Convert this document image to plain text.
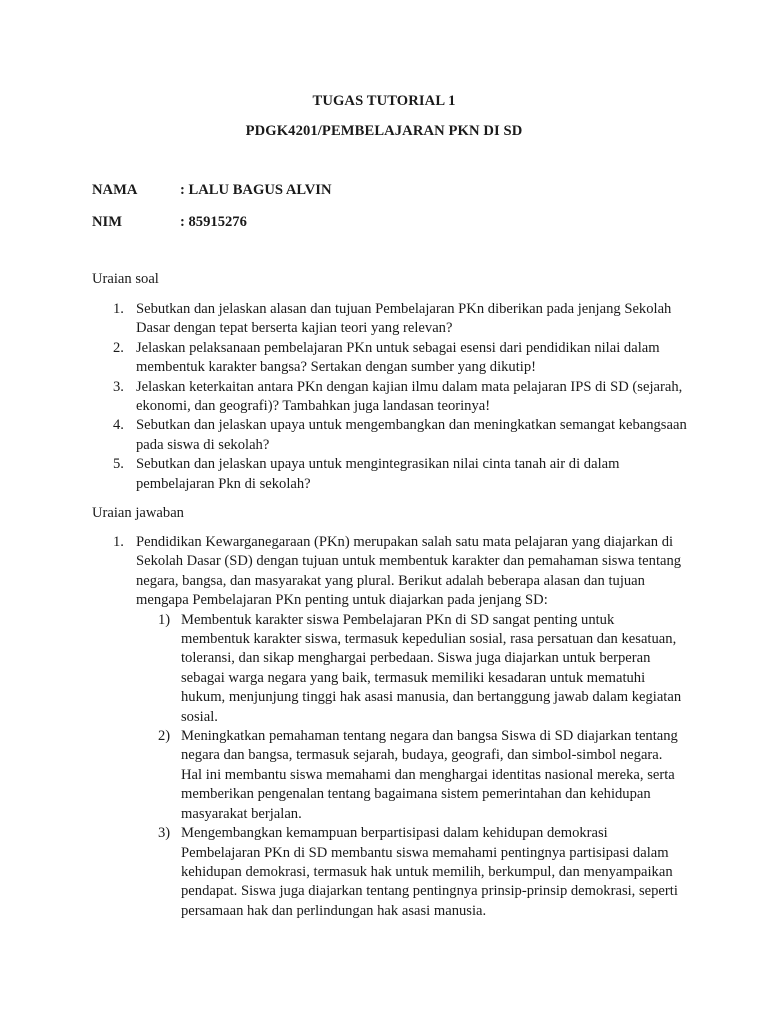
TUGAS TUTORIAL 1
PDGK4201/PEMBELAJARAN PKN DI SD
NAMA	: LALU BAGUS ALVIN
NIM	: 85915276
Uraian soal
1. Sebutkan dan jelaskan alasan dan tujuan Pembelajaran PKn diberikan pada jenjang Sekolah Dasar dengan tepat berserta kajian teori yang relevan?
2. Jelaskan pelaksanaan pembelajaran PKn untuk sebagai esensi dari pendidikan nilai dalam membentuk karakter bangsa? Sertakan dengan sumber yang dikutip!
3. Jelaskan keterkaitan antara PKn dengan kajian ilmu dalam mata pelajaran IPS di SD (sejarah, ekonomi, dan geografi)? Tambahkan juga landasan teorinya!
4. Sebutkan dan jelaskan upaya untuk mengembangkan dan meningkatkan semangat kebangsaan pada siswa di sekolah?
5. Sebutkan dan jelaskan upaya untuk mengintegrasikan nilai cinta tanah air di dalam pembelajaran Pkn di sekolah?
Uraian jawaban
1. Pendidikan Kewarganegaraan (PKn) merupakan salah satu mata pelajaran yang diajarkan di Sekolah Dasar (SD) dengan tujuan untuk membentuk karakter dan pemahaman siswa tentang negara, bangsa, dan masyarakat yang plural. Berikut adalah beberapa alasan dan tujuan mengapa Pembelajaran PKn penting untuk diajarkan pada jenjang SD:
1) Membentuk karakter siswa Pembelajaran PKn di SD sangat penting untuk membentuk karakter siswa, termasuk kepedulian sosial, rasa persatuan dan kesatuan, toleransi, dan sikap menghargai perbedaan. Siswa juga diajarkan untuk berperan sebagai warga negara yang baik, termasuk memiliki kesadaran untuk mematuhi hukum, menjunjung tinggi hak asasi manusia, dan bertanggung jawab dalam kegiatan sosial.
2) Meningkatkan pemahaman tentang negara dan bangsa Siswa di SD diajarkan tentang negara dan bangsa, termasuk sejarah, budaya, geografi, dan simbol-simbol negara. Hal ini membantu siswa memahami dan menghargai identitas nasional mereka, serta memberikan pengenalan tentang bagaimana sistem pemerintahan dan kehidupan masyarakat berjalan.
3) Mengembangkan kemampuan berpartisipasi dalam kehidupan demokrasi Pembelajaran PKn di SD membantu siswa memahami pentingnya partisipasi dalam kehidupan demokrasi, termasuk hak untuk memilih, berkumpul, dan menyampaikan pendapat. Siswa juga diajarkan tentang pentingnya prinsip-prinsip demokrasi, seperti persamaan hak dan perlindungan hak asasi manusia.
